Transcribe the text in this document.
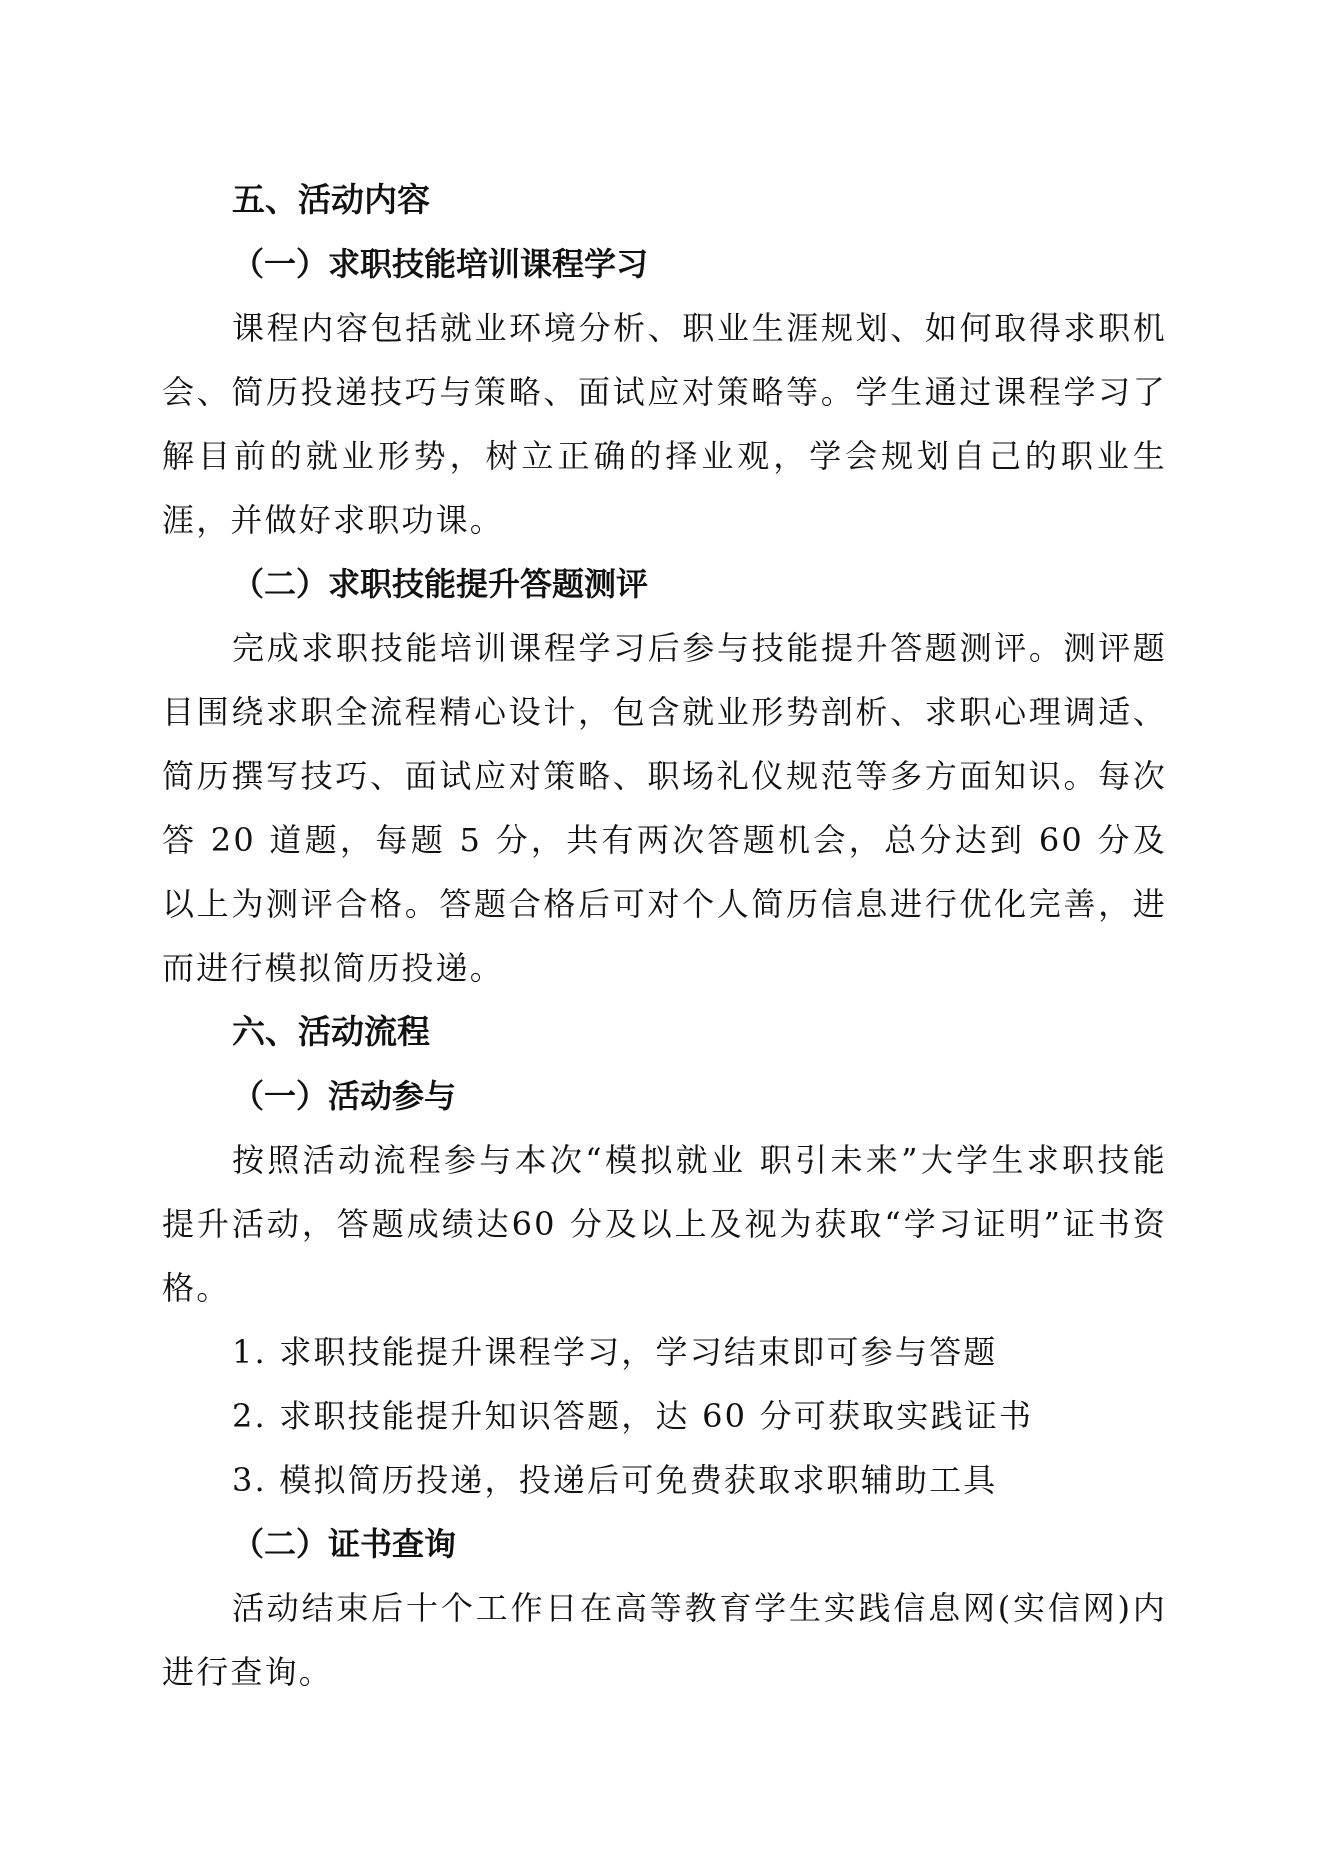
五、活动内容
（一）求职技能培训课程学习

课程内容包括就业环境分析、职业生涯规划、如何取得求职机会、简历投递技巧与策略、面试应对策略等。学生通过课程学习了解目前的就业形势，树立正确的择业观，学会规划自己的职业生涯，并做好求职功课。

（二）求职技能提升答题测评

完成求职技能培训课程学习后参与技能提升答题测评。测评题目围绕求职全流程精心设计，包含就业形势剖析、求职心理调适、简历撰写技巧、面试应对策略、职场礼仪规范等多方面知识。每次答 20 道题，每题 5 分，共有两次答题机会，总分达到 60 分及以上为测评合格。答题合格后可对个人简历信息进行优化完善，进而进行模拟简历投递。

六、活动流程
（一）活动参与

按照活动流程参与本次“模拟就业 职引未来”大学生求职技能提升活动，答题成绩达60 分及以上及视为获取“学习证明”证书资格。

1. 求职技能提升课程学习，学习结束即可参与答题
2. 求职技能提升知识答题，达 60 分可获取实践证书
3. 模拟简历投递，投递后可免费获取求职辅助工具
（二）证书查询

活动结束后十个工作日在高等教育学生实践信息网(实信网)内进行查询。
